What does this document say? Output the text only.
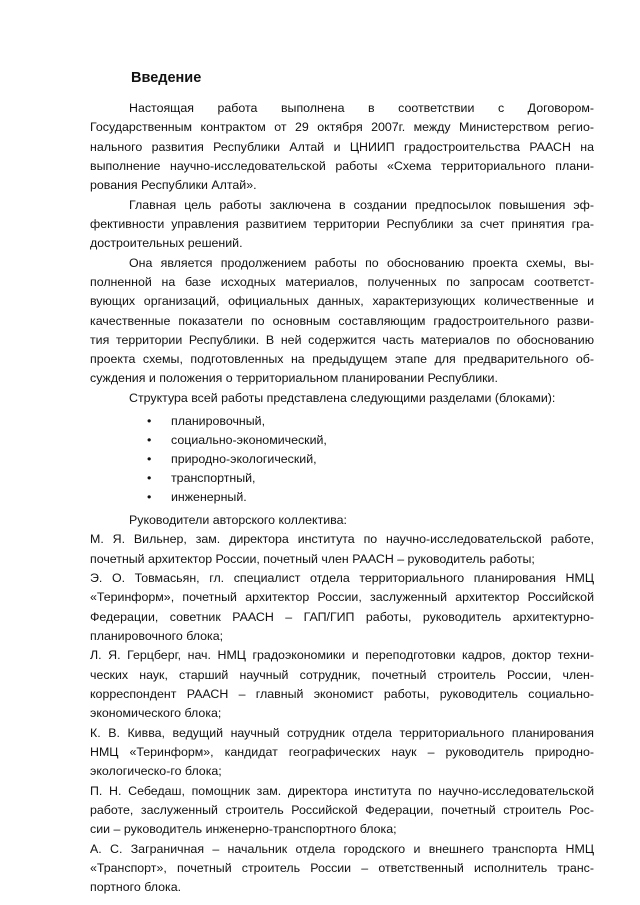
Введение
Настоящая работа выполнена в соответствии с Договором-
Государственным контрактом от 29 октября 2007г. между Министерством регио-
нального развития Республики Алтай и ЦНИИП градостроительства РААСН на
выполнение научно-исследовательской работы «Схема территориального плани-
рования Республики Алтай».
Главная цель работы заключена в создании предпосылок повышения эф-
фективности управления развитием территории Республики за счет принятия гра-
достроительных решений.
Она является продолжением работы по обоснованию проекта схемы, вы-
полненной на базе исходных материалов, полученных по запросам соответст-
вующих организаций, официальных данных, характеризующих количественные и
качественные показатели по основным составляющим градостроительного разви-
тия территории Республики. В ней содержится часть материалов по обоснованию
проекта схемы, подготовленных на предыдущем этапе для предварительного об-
суждения и положения о территориальном планировании Республики.
Структура всей работы представлена следующими разделами (блоками):
• планировочный,
• социально-экономический,
• природно-экологический,
• транспортный,
• инженерный.
Руководители авторского коллектива:
М. Я. Вильнер, зам. директора института по научно-исследовательской работе,
почетный архитектор России, почетный член РААСН – руководитель работы;
Э. О. Товмасьян, гл. специалист отдела территориального планирования НМЦ
«Теринформ», почетный архитектор России, заслуженный архитектор Российской
Федерации, советник РААСН – ГАП/ГИП работы, руководитель архитектурно-
планировочного блока;
Л. Я. Герцберг, нач. НМЦ градоэкономики и переподготовки кадров, доктор техни-
ческих наук, старший научный сотрудник, почетный строитель России, член-
корреспондент РААСН – главный экономист работы, руководитель социально-
экономического блока;
К. В. Кивва, ведущий научный сотрудник отдела территориального планирования
НМЦ «Теринформ», кандидат географических наук – руководитель природно-
экологическо-го блока;
П. Н. Себедаш, помощник зам. директора института по научно-исследовательской
работе, заслуженный строитель Российской Федерации, почетный строитель Рос-
сии – руководитель инженерно-транспортного блока;
А. С. Заграничная – начальник отдела городского и внешнего транспорта НМЦ
«Транспорт», почетный строитель России – ответственный исполнитель транс-
портного блока.
